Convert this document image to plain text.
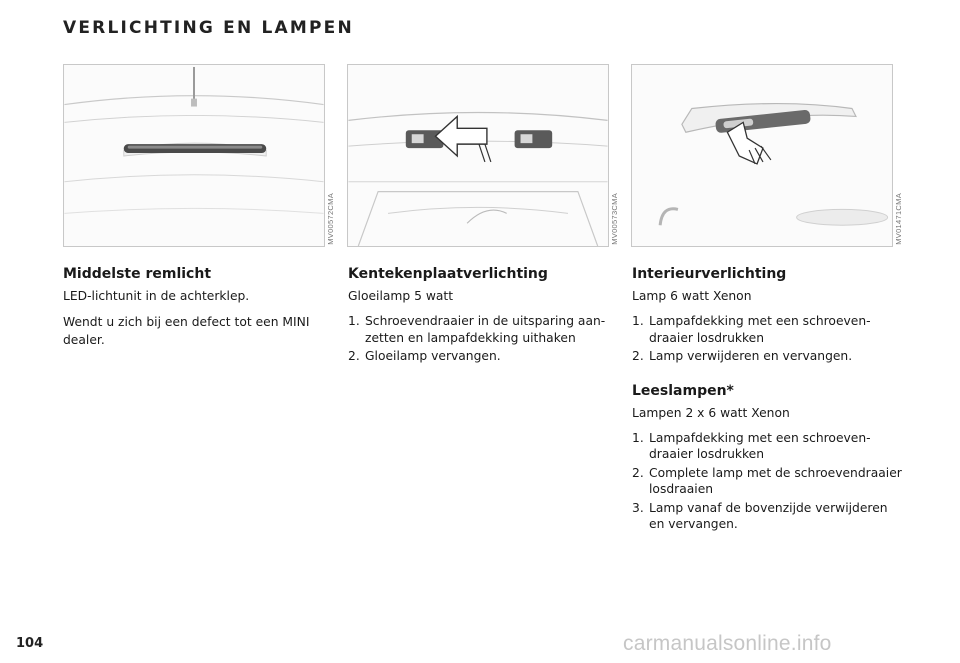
VERLICHTING EN LAMPEN
MV00572CMA	MV00573CMA	MV01471CMA
Middelste remlicht

LED-lichtunit in de achterklep.

Wendt u zich bij een defect tot een MINI dealer.

Kentekenplaatverlichting

Gloeilamp 5 watt

1. Schroevendraaier in de uitsparing aan-zetten en lampafdekking uithaken
2. Gloeilamp vervangen.
Interieurverlichting

Lamp 6 watt Xenon

1. Lampafdekking met een schroeven-draaier losdrukken
2. Lamp verwijderen en vervangen.
Leeslampen*

Lampen 2 x 6 watt Xenon

1. Lampafdekking met een schroeven-draaier losdrukken
2. Complete lamp met de schroevendraaier losdraaien
3. Lamp vanaf de bovenzijde verwijderen en vervangen.
104	carmanualsonline.info
